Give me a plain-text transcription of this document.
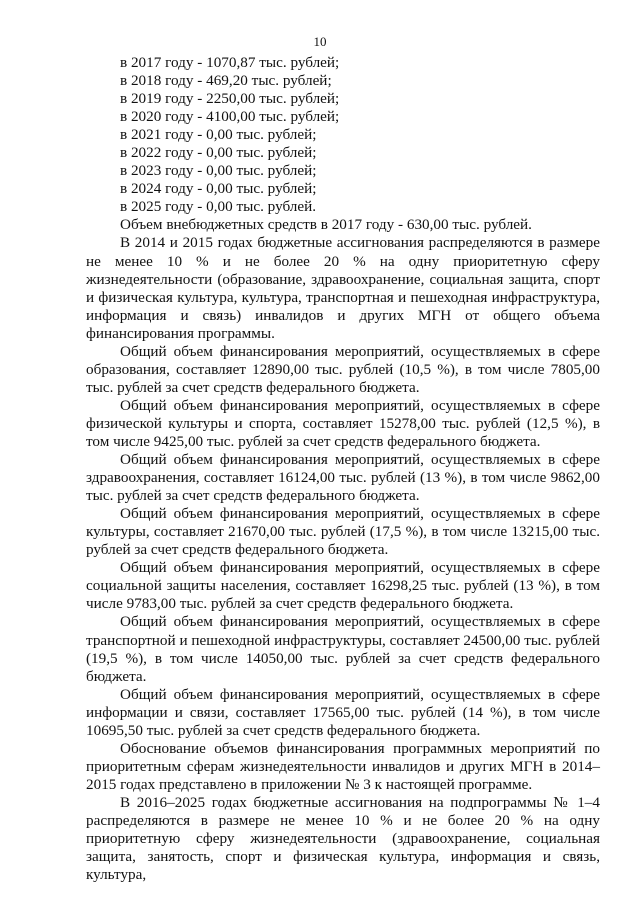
10
в 2017 году - 1070,87 тыс. рублей;
в 2018 году - 469,20 тыс. рублей;
в 2019 году - 2250,00 тыс. рублей;
в 2020 году - 4100,00 тыс. рублей;
в 2021 году - 0,00 тыс. рублей;
в 2022 году - 0,00 тыс. рублей;
в 2023 году - 0,00 тыс. рублей;
в 2024 году - 0,00 тыс. рублей;
в 2025 году - 0,00 тыс. рублей.

Объем внебюджетных средств в 2017 году - 630,00 тыс. рублей.

В 2014 и 2015 годах бюджетные ассигнования распределяются в размере не менее 10 % и не более 20 % на одну приоритетную сферу жизнедеятельности (образование, здравоохранение, социальная защита, спорт и физическая культура, культура, транспортная и пешеходная инфраструктура, информация и связь) инвалидов и других МГН от общего объема финансирования программы.

Общий объем финансирования мероприятий, осуществляемых в сфере образования, составляет 12890,00 тыс. рублей (10,5 %), в том числе 7805,00 тыс. рублей за счет средств федерального бюджета.

Общий объем финансирования мероприятий, осуществляемых в сфере физической культуры и спорта, составляет 15278,00 тыс. рублей (12,5 %), в том числе 9425,00 тыс. рублей за счет средств федерального бюджета.

Общий объем финансирования мероприятий, осуществляемых в сфере здравоохранения, составляет 16124,00 тыс. рублей (13 %), в том числе 9862,00 тыс. рублей за счет средств федерального бюджета.

Общий объем финансирования мероприятий, осуществляемых в сфере культуры, составляет 21670,00 тыс. рублей (17,5 %), в том числе 13215,00 тыс. рублей за счет средств федерального бюджета.

Общий объем финансирования мероприятий, осуществляемых в сфере социальной защиты населения, составляет 16298,25 тыс. рублей (13 %), в том числе 9783,00 тыс. рублей за счет средств федерального бюджета.

Общий объем финансирования мероприятий, осуществляемых в сфере транспортной и пешеходной инфраструктуры, составляет 24500,00 тыс. рублей (19,5 %), в том числе 14050,00 тыс. рублей за счет средств федерального бюджета.

Общий объем финансирования мероприятий, осуществляемых в сфере информации и связи, составляет 17565,00 тыс. рублей (14 %), в том числе 10695,50 тыс. рублей за счет средств федерального бюджета.

Обоснование объемов финансирования программных мероприятий по приоритетным сферам жизнедеятельности инвалидов и других МГН в 2014–2015 годах представлено в приложении № 3 к настоящей программе.

В 2016–2025 годах бюджетные ассигнования на подпрограммы № 1–4 распределяются в размере не менее 10 % и не более 20 % на одну приоритетную сферу жизнедеятельности (здравоохранение, социальная защита, занятость, спорт и физическая культура, информация и связь, культура,
